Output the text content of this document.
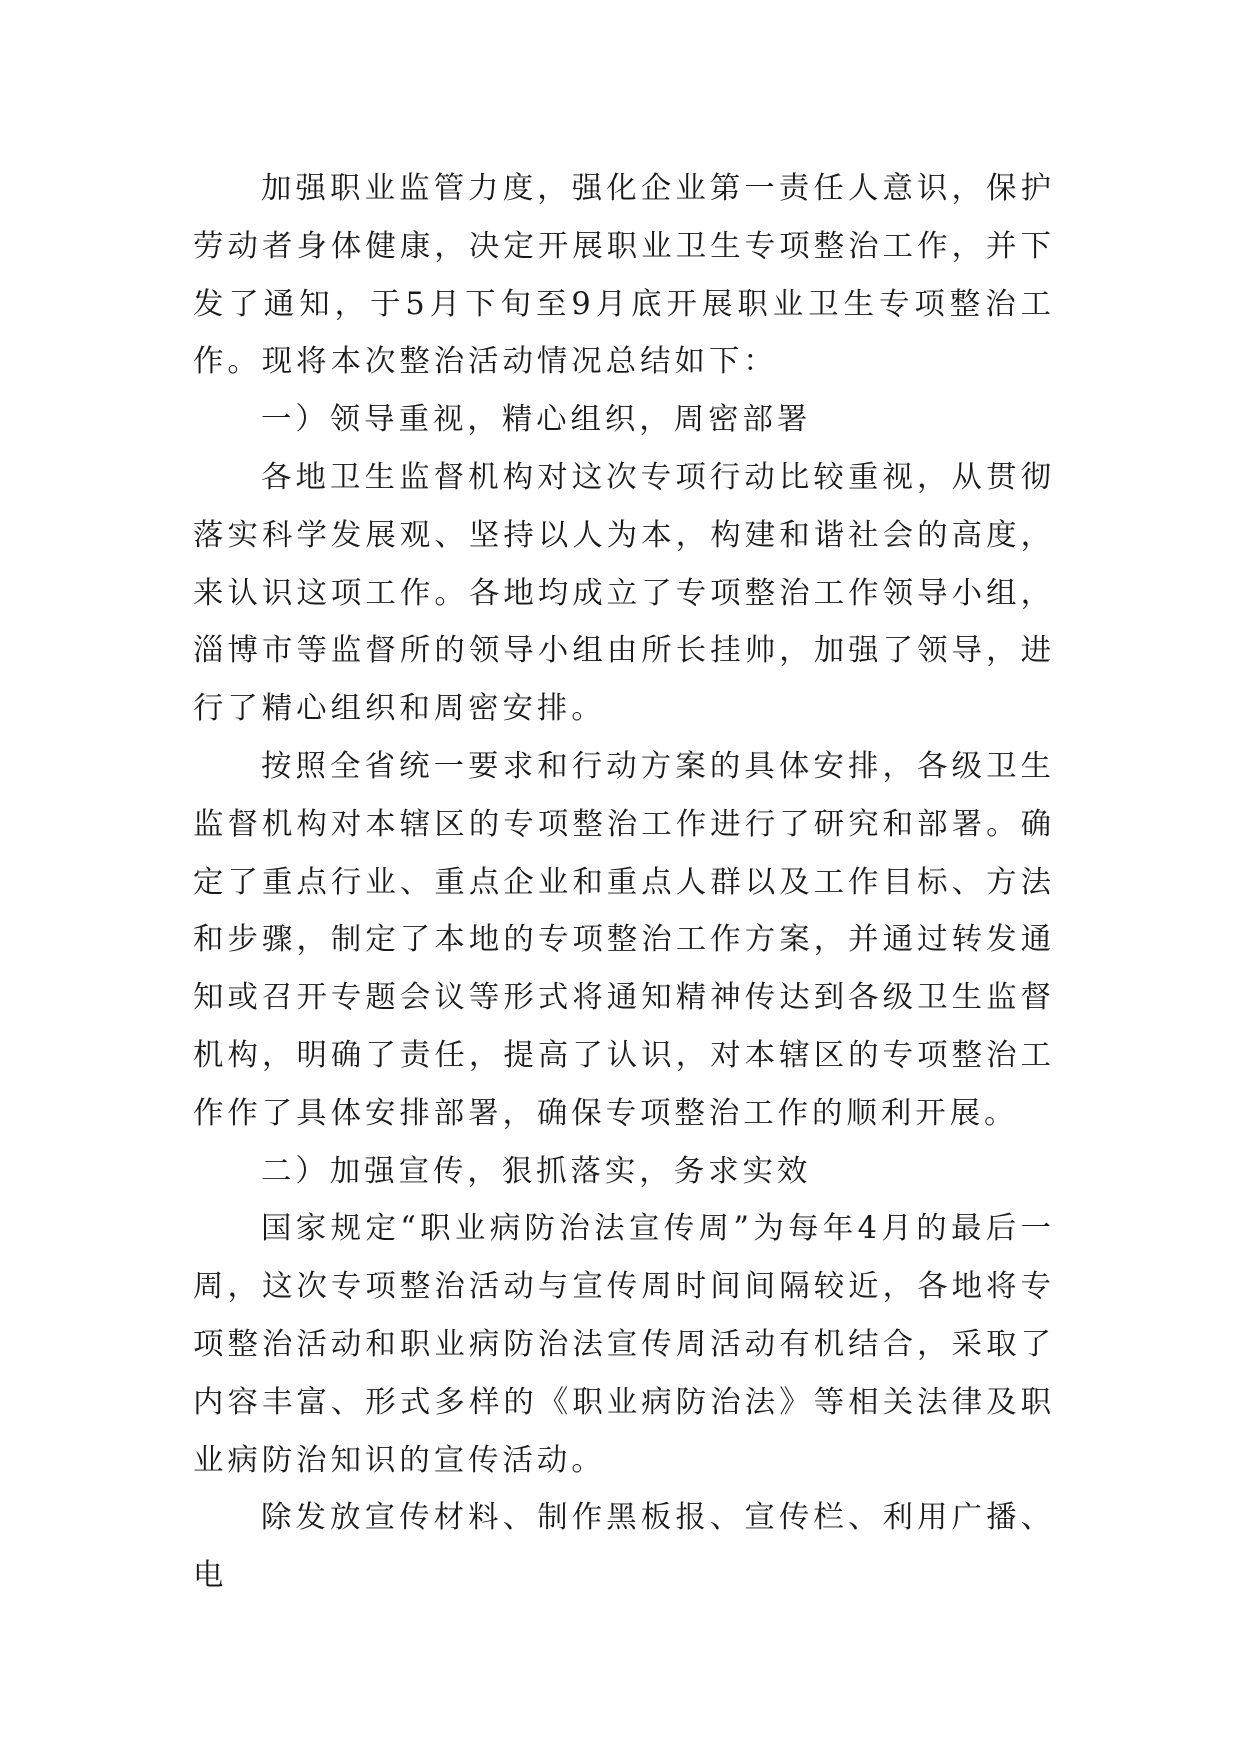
加强职业监管力度，强化企业第一责任人意识，保护劳动者身体健康，决定开展职业卫生专项整治工作，并下发了通知，于5月下旬至9月底开展职业卫生专项整治工作。现将本次整治活动情况总结如下：

一）领导重视，精心组织，周密部署

各地卫生监督机构对这次专项行动比较重视，从贯彻落实科学发展观、坚持以人为本，构建和谐社会的高度，来认识这项工作。各地均成立了专项整治工作领导小组，淄博市等监督所的领导小组由所长挂帅，加强了领导，进行了精心组织和周密安排。

按照全省统一要求和行动方案的具体安排，各级卫生监督机构对本辖区的专项整治工作进行了研究和部署。确定了重点行业、重点企业和重点人群以及工作目标、方法和步骤，制定了本地的专项整治工作方案，并通过转发通知或召开专题会议等形式将通知精神传达到各级卫生监督机构，明确了责任，提高了认识，对本辖区的专项整治工作作了具体安排部署，确保专项整治工作的顺利开展。

二）加强宣传，狠抓落实，务求实效

国家规定“职业病防治法宣传周”为每年4月的最后一周，这次专项整治活动与宣传周时间间隔较近，各地将专项整治活动和职业病防治法宣传周活动有机结合，采取了内容丰富、形式多样的《职业病防治法》等相关法律及职业病防治知识的宣传活动。

除发放宣传材料、制作黑板报、宣传栏、利用广播、电
